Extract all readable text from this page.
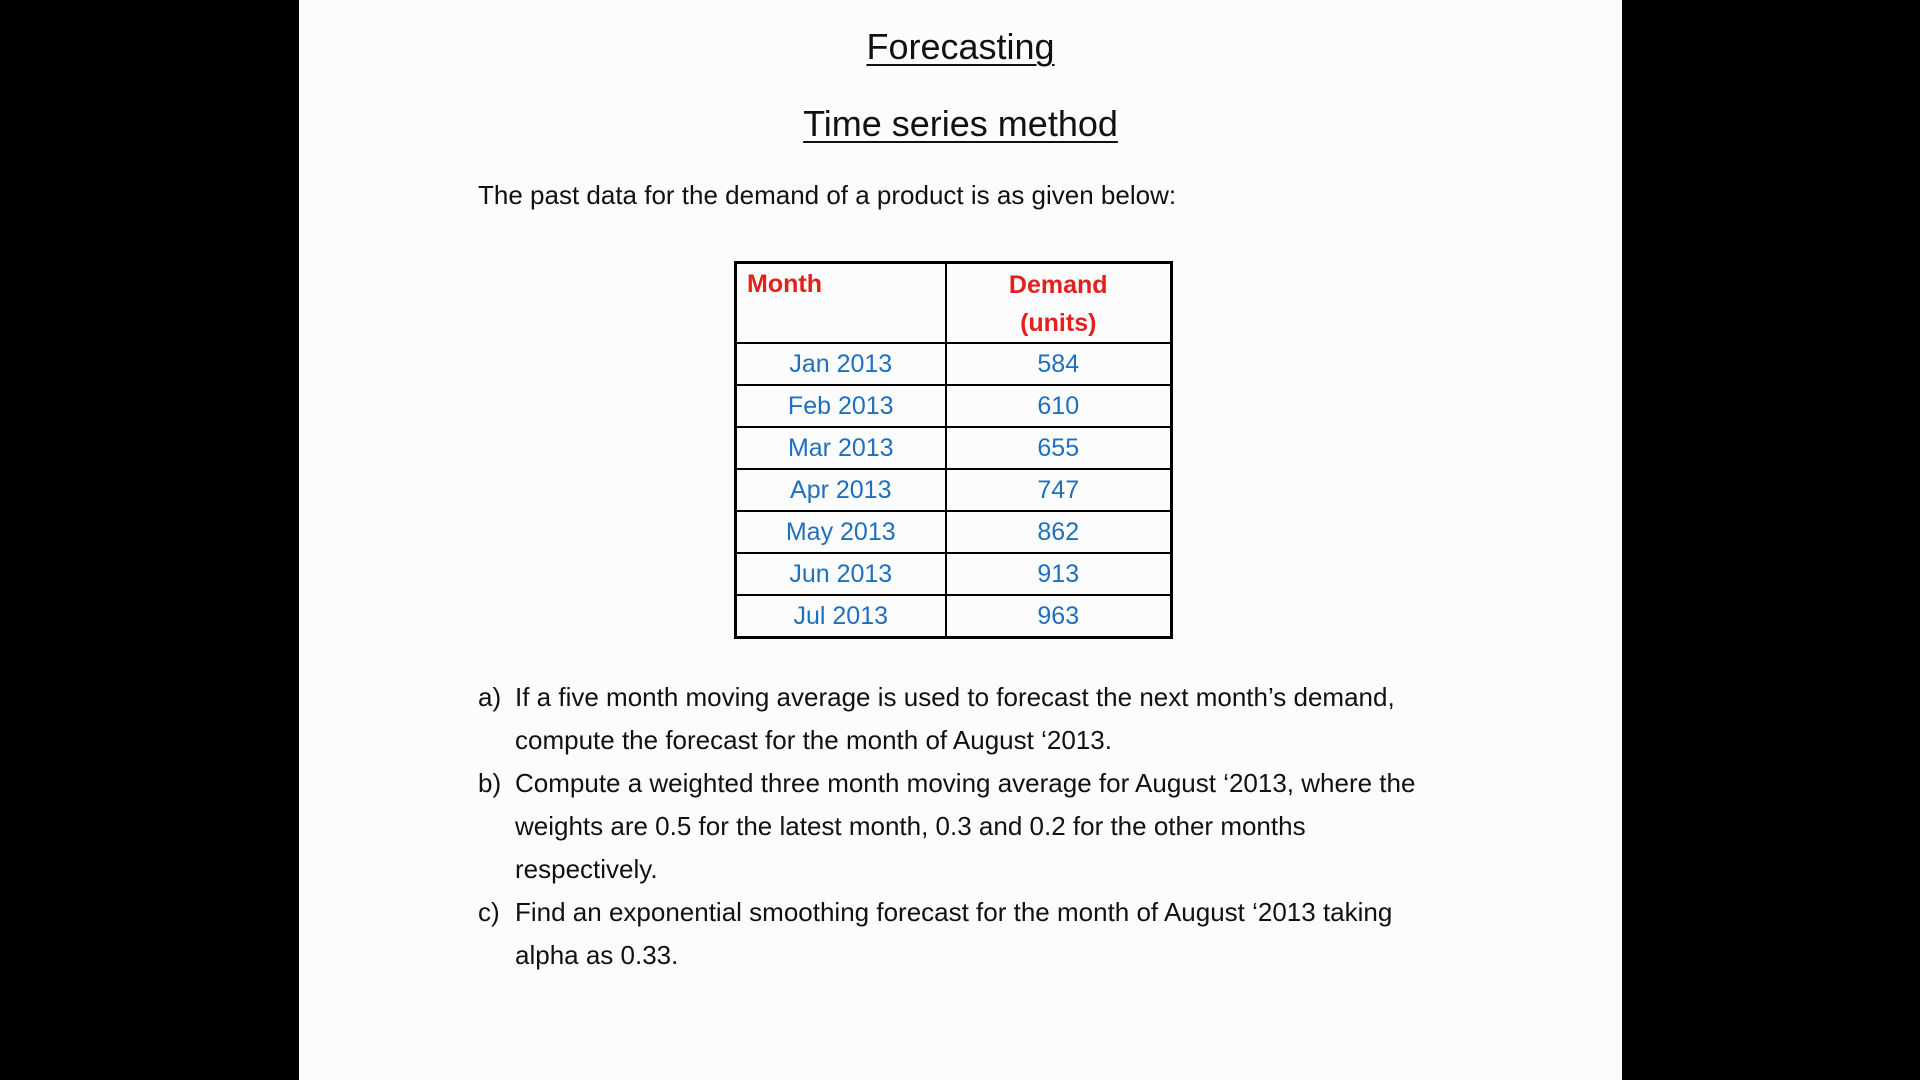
Forecasting
Time series method

The past data for the demand of a product is as given below:

Month	Demand
(units)
Jan 2013	584
Feb 2013	610
Mar 2013	655
Apr 2013	747
May 2013	862
Jun 2013	913
Jul 2013	963
a) If a five month moving average is used to forecast the next month’s demand, compute the forecast for the month of August ‘2013.
b) Compute a weighted three month moving average for August ‘2013, where the weights are 0.5 for the latest month, 0.3 and 0.2 for the other months respectively.
c) Find an exponential smoothing forecast for the month of August ‘2013 taking alpha as 0.33.
